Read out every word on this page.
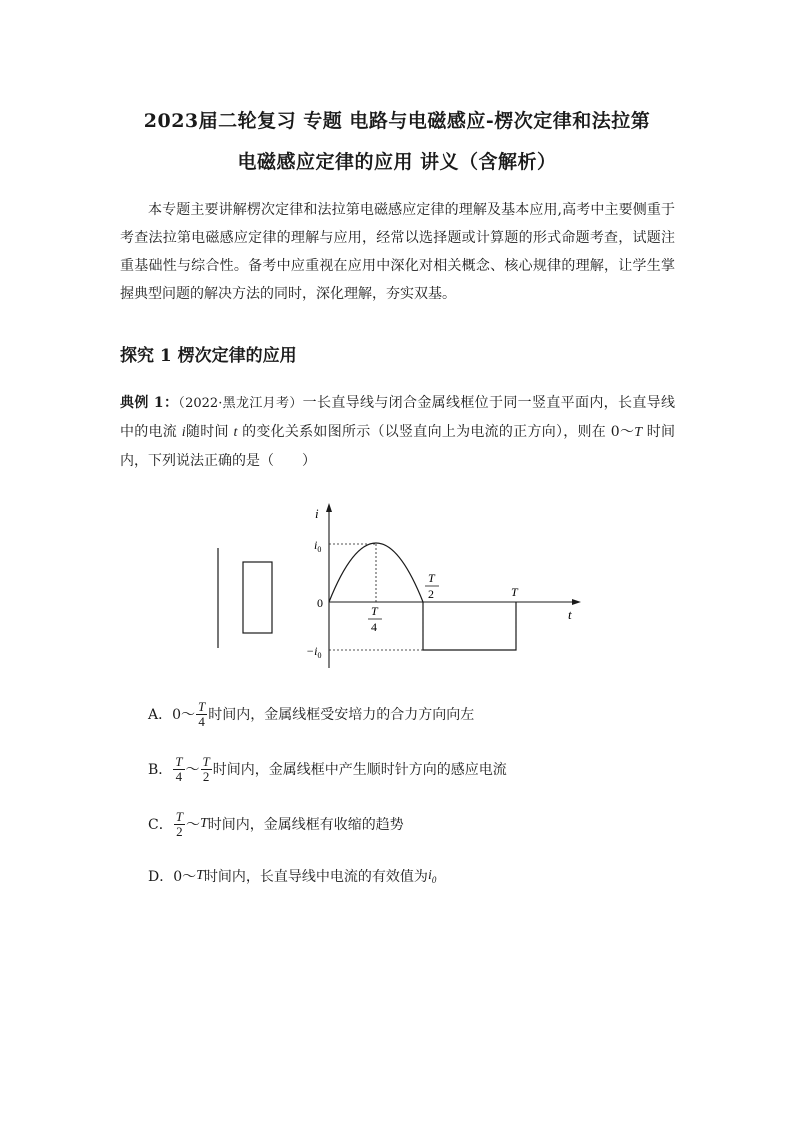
2023届二轮复习 专题 电路与电磁感应-楞次定律和法拉第
电磁感应定律的应用 讲义（含解析）
本专题主要讲解楞次定律和法拉第电磁感应定律的理解及基本应用,高考中主要侧重于考查法拉第电磁感应定律的理解与应用，经常以选择题或计算题的形式命题考查，试题注重基础性与综合性。备考中应重视在应用中深化对相关概念、核心规律的理解，让学生掌握典型问题的解决方法的同时，深化理解，夯实双基。
探究 1 楞次定律的应用
典例 1：（2022·黑龙江月考）一长直导线与闭合金属线框位于同一竖直平面内，长直导线中的电流 i随时间 t 的变化关系如图所示（以竖直向上为电流的正方向），则在 0～T 时间内，下列说法正确的是（　　）
i
t
0
$i_0$
$-i_0$
T
T
2
T
4
A．0～ $\frac{T}{4}$ 时间内，金属线框受安培力的合力方向向左
B． $\frac{T}{4}$ ～ $\frac{T}{2}$ 时间内，金属线框中产生顺时针方向的感应电流
C． $\frac{T}{2}$ ～ T 时间内，金属线框有收缩的趋势
D．0～ T 时间内，长直导线中电流的有效值为 $i_0$
